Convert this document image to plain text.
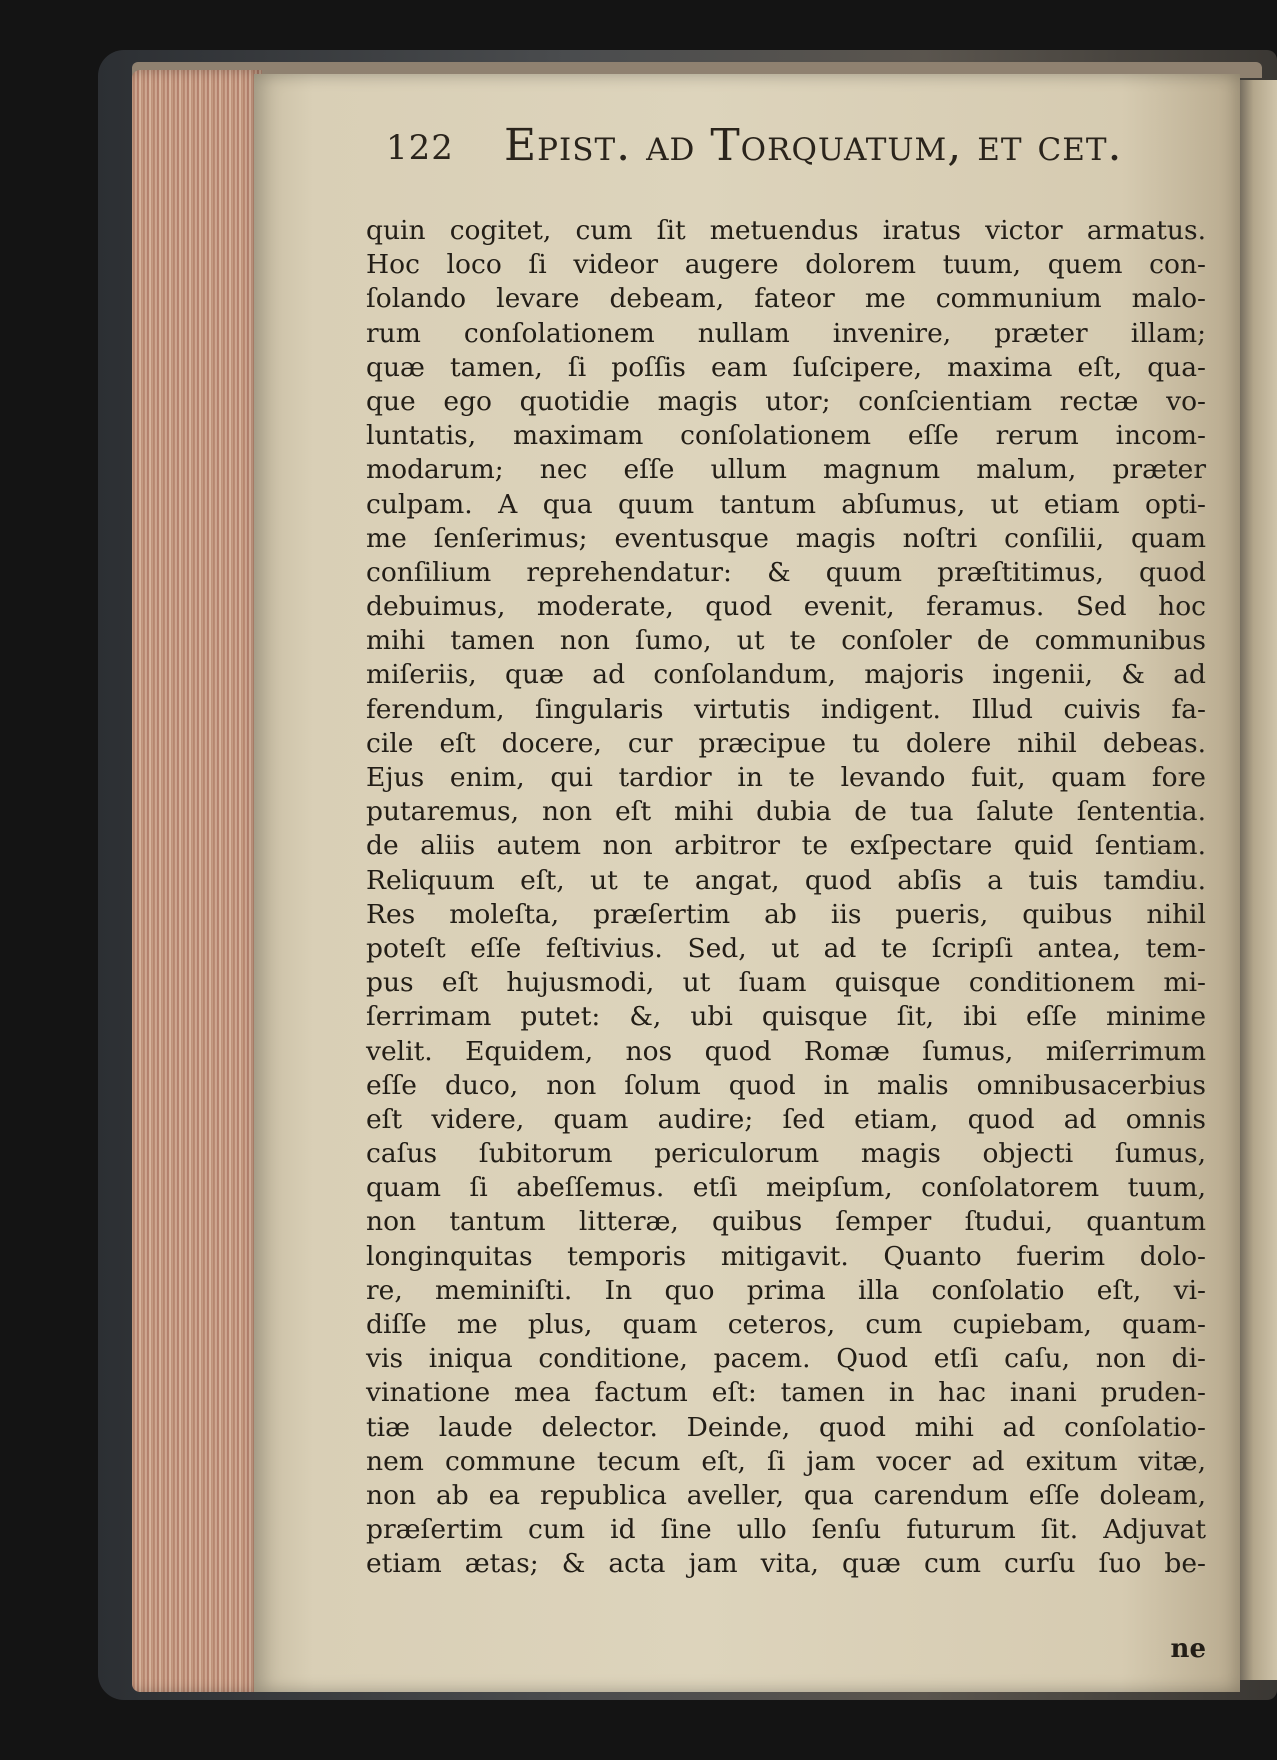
122 Epist. ad Torquatum, et cet.
quin cogitet, cum ſit metuendus iratus victor armatus.
Hoc loco ſi videor augere dolorem tuum, quem con-
ſolando levare debeam, fateor me communium malo-
rum conſolationem nullam invenire, præter illam;
quæ tamen, ſi poſſis eam ſuſcipere, maxima eſt, qua-
que ego quotidie magis utor; conſcientiam rectæ vo-
luntatis, maximam conſolationem eſſe rerum incom-
modarum; nec eſſe ullum magnum malum, præter
culpam. A qua quum tantum abſumus, ut etiam opti-
me ſenſerimus; eventusque magis noſtri conſilii, quam
conſilium reprehendatur: & quum præſtitimus, quod
debuimus, moderate, quod evenit, feramus. Sed hoc
mihi tamen non ſumo, ut te conſoler de communibus
miſeriis, quæ ad conſolandum, majoris ingenii, & ad
ferendum, ſingularis virtutis indigent. Illud cuivis fa-
cile eſt docere, cur præcipue tu dolere nihil debeas.
Ejus enim, qui tardior in te levando fuit, quam fore
putaremus, non eſt mihi dubia de tua ſalute ſententia.
de aliis autem non arbitror te exſpectare quid ſentiam.
Reliquum eſt, ut te angat, quod abſis a tuis tamdiu.
Res moleſta, præſertim ab iis pueris, quibus nihil
poteſt eſſe feſtivius. Sed, ut ad te ſcripſi antea, tem-
pus eſt hujusmodi, ut ſuam quisque conditionem mi-
ſerrimam putet: &, ubi quisque ſit, ibi eſſe minime
velit. Equidem, nos quod Romæ ſumus, miſerrimum
eſſe duco, non ſolum quod in malis omnibusacerbius
eſt videre, quam audire; ſed etiam, quod ad omnis
caſus ſubitorum periculorum magis objecti ſumus,
quam ſi abeſſemus. etſi meipſum, conſolatorem tuum,
non tantum litteræ, quibus ſemper ſtudui, quantum
longinquitas temporis mitigavit. Quanto fuerim dolo-
re, meminiſti. In quo prima illa conſolatio eſt, vi-
diſſe me plus, quam ceteros, cum cupiebam, quam-
vis iniqua conditione, pacem. Quod etſi caſu, non di-
vinatione mea factum eſt: tamen in hac inani pruden-
tiæ laude delector. Deinde, quod mihi ad conſolatio-
nem commune tecum eſt, ſi jam vocer ad exitum vitæ,
non ab ea republica aveller, qua carendum eſſe doleam,
præſertim cum id ſine ullo ſenſu futurum ſit. Adjuvat
etiam ætas; & acta jam vita, quæ cum curſu ſuo be-
ne
